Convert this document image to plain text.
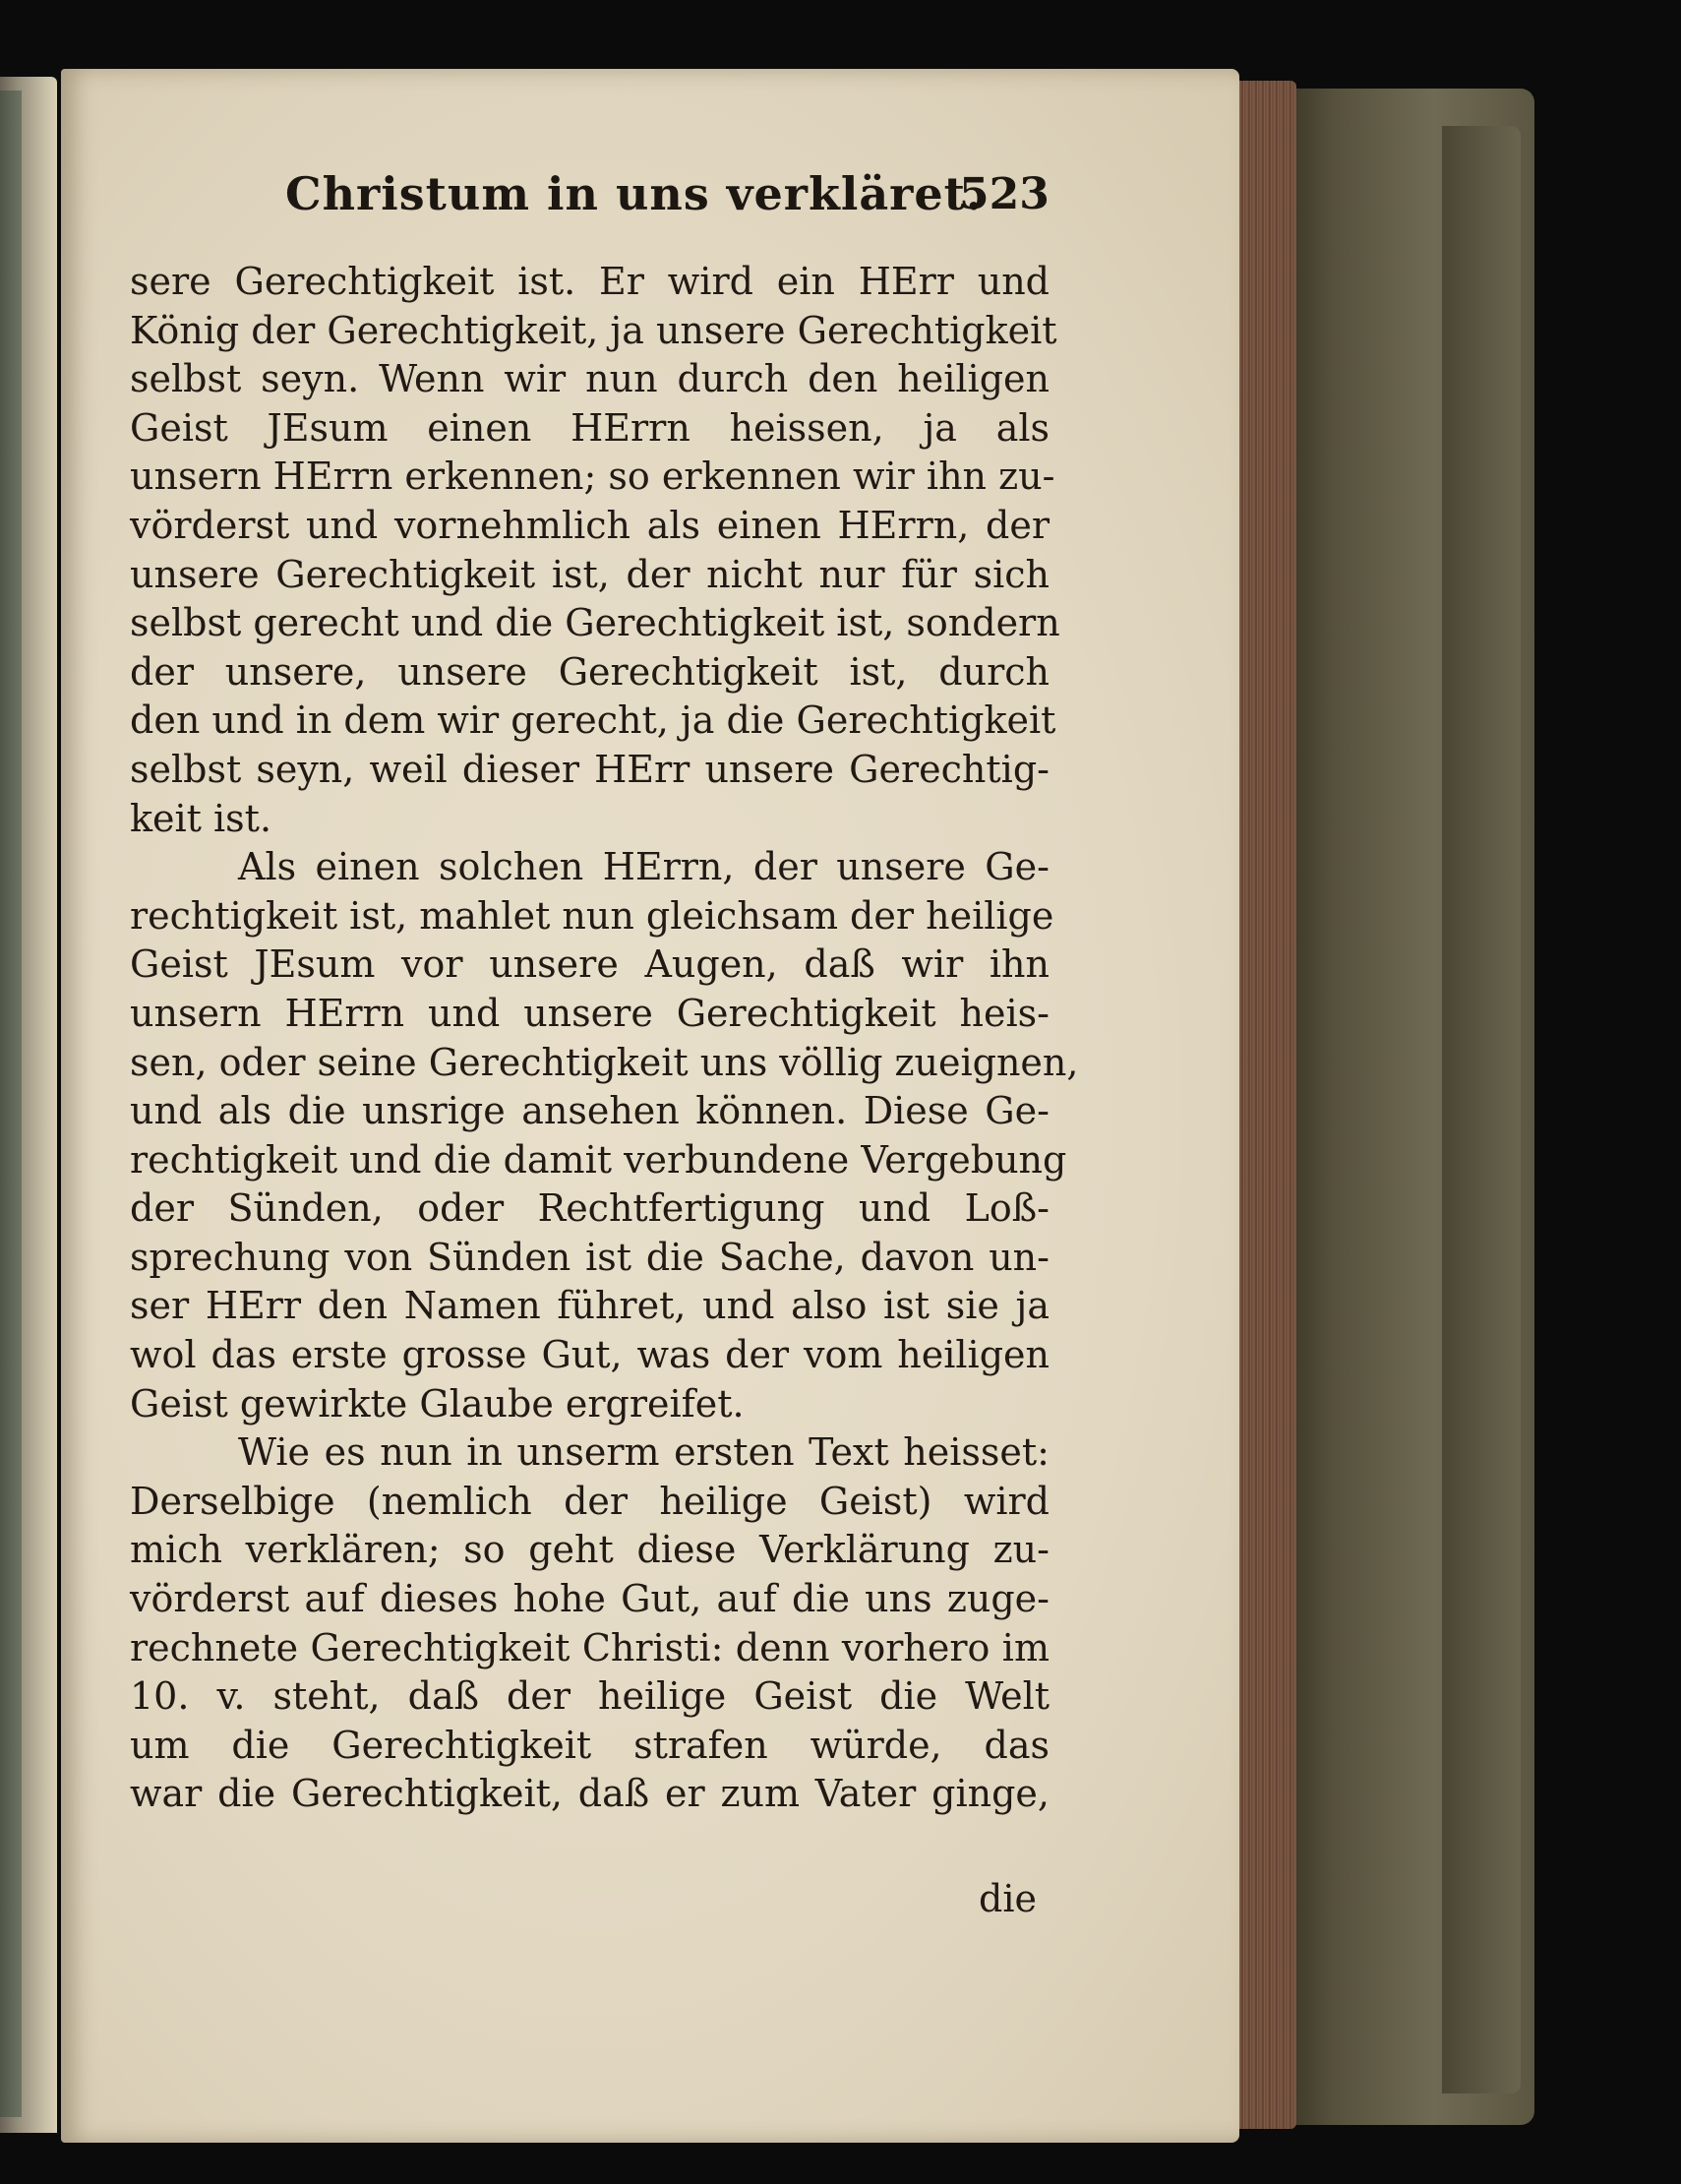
Christum in uns verkläret.
523
sere Gerechtigkeit ist. Er wird ein HErr und
König der Gerechtigkeit, ja unsere Gerechtigkeit
selbst seyn. Wenn wir nun durch den heiligen
Geist JEsum einen HErrn heissen, ja als
unsern HErrn erkennen; so erkennen wir ihn zu-
vörderst und vornehmlich als einen HErrn, der
unsere Gerechtigkeit ist, der nicht nur für sich
selbst gerecht und die Gerechtigkeit ist, sondern
der unsere, unsere Gerechtigkeit ist, durch
den und in dem wir gerecht, ja die Gerechtigkeit
selbst seyn, weil dieser HErr unsere Gerechtig-
keit ist.
Als einen solchen HErrn, der unsere Ge-
rechtigkeit ist, mahlet nun gleichsam der heilige
Geist JEsum vor unsere Augen, daß wir ihn
unsern HErrn und unsere Gerechtigkeit heis-
sen, oder seine Gerechtigkeit uns völlig zueignen,
und als die unsrige ansehen können. Diese Ge-
rechtigkeit und die damit verbundene Vergebung
der Sünden, oder Rechtfertigung und Loß-
sprechung von Sünden ist die Sache, davon un-
ser HErr den Namen führet, und also ist sie ja
wol das erste grosse Gut, was der vom heiligen
Geist gewirkte Glaube ergreifet.
Wie es nun in unserm ersten Text heisset:
Derselbige (nemlich der heilige Geist) wird
mich verklären; so geht diese Verklärung zu-
vörderst auf dieses hohe Gut, auf die uns zuge-
rechnete Gerechtigkeit Christi: denn vorhero im
10. v. steht, daß der heilige Geist die Welt
um die Gerechtigkeit strafen würde, das
war die Gerechtigkeit, daß er zum Vater ginge,
die
